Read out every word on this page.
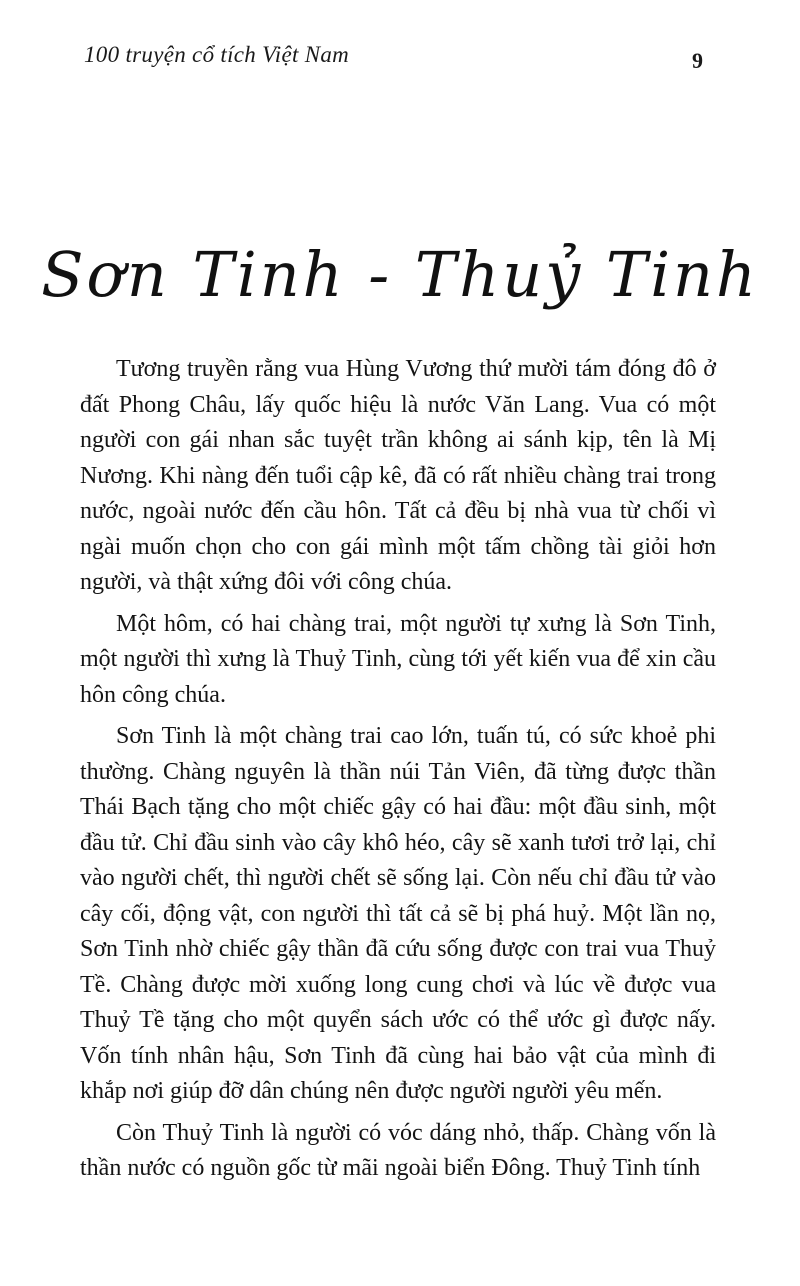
100 truyện cổ tích Việt Nam	9
Sơn Tinh - Thuỷ Tinh

Tương truyền rằng vua Hùng Vương thứ mười tám đóng đô ở đất Phong Châu, lấy quốc hiệu là nước Văn Lang. Vua có một người con gái nhan sắc tuyệt trần không ai sánh kịp, tên là Mị Nương. Khi nàng đến tuổi cập kê, đã có rất nhiều chàng trai trong nước, ngoài nước đến cầu hôn. Tất cả đều bị nhà vua từ chối vì ngài muốn chọn cho con gái mình một tấm chồng tài giỏi hơn người, và thật xứng đôi với công chúa.

Một hôm, có hai chàng trai, một người tự xưng là Sơn Tinh, một người thì xưng là Thuỷ Tinh, cùng tới yết kiến vua để xin cầu hôn công chúa.

Sơn Tinh là một chàng trai cao lớn, tuấn tú, có sức khoẻ phi thường. Chàng nguyên là thần núi Tản Viên, đã từng được thần Thái Bạch tặng cho một chiếc gậy có hai đầu: một đầu sinh, một đầu tử. Chỉ đầu sinh vào cây khô héo, cây sẽ xanh tươi trở lại, chỉ vào người chết, thì người chết sẽ sống lại. Còn nếu chỉ đầu tử vào cây cối, động vật, con người thì tất cả sẽ bị phá huỷ. Một lần nọ, Sơn Tinh nhờ chiếc gậy thần đã cứu sống được con trai vua Thuỷ Tề. Chàng được mời xuống long cung chơi và lúc về được vua Thuỷ Tề tặng cho một quyển sách ước có thể ước gì được nấy. Vốn tính nhân hậu, Sơn Tinh đã cùng hai bảo vật của mình đi khắp nơi giúp đỡ dân chúng nên được người người yêu mến.

Còn Thuỷ Tinh là người có vóc dáng nhỏ, thấp. Chàng vốn là thần nước có nguồn gốc từ mãi ngoài biển Đông. Thuỷ Tinh tính
